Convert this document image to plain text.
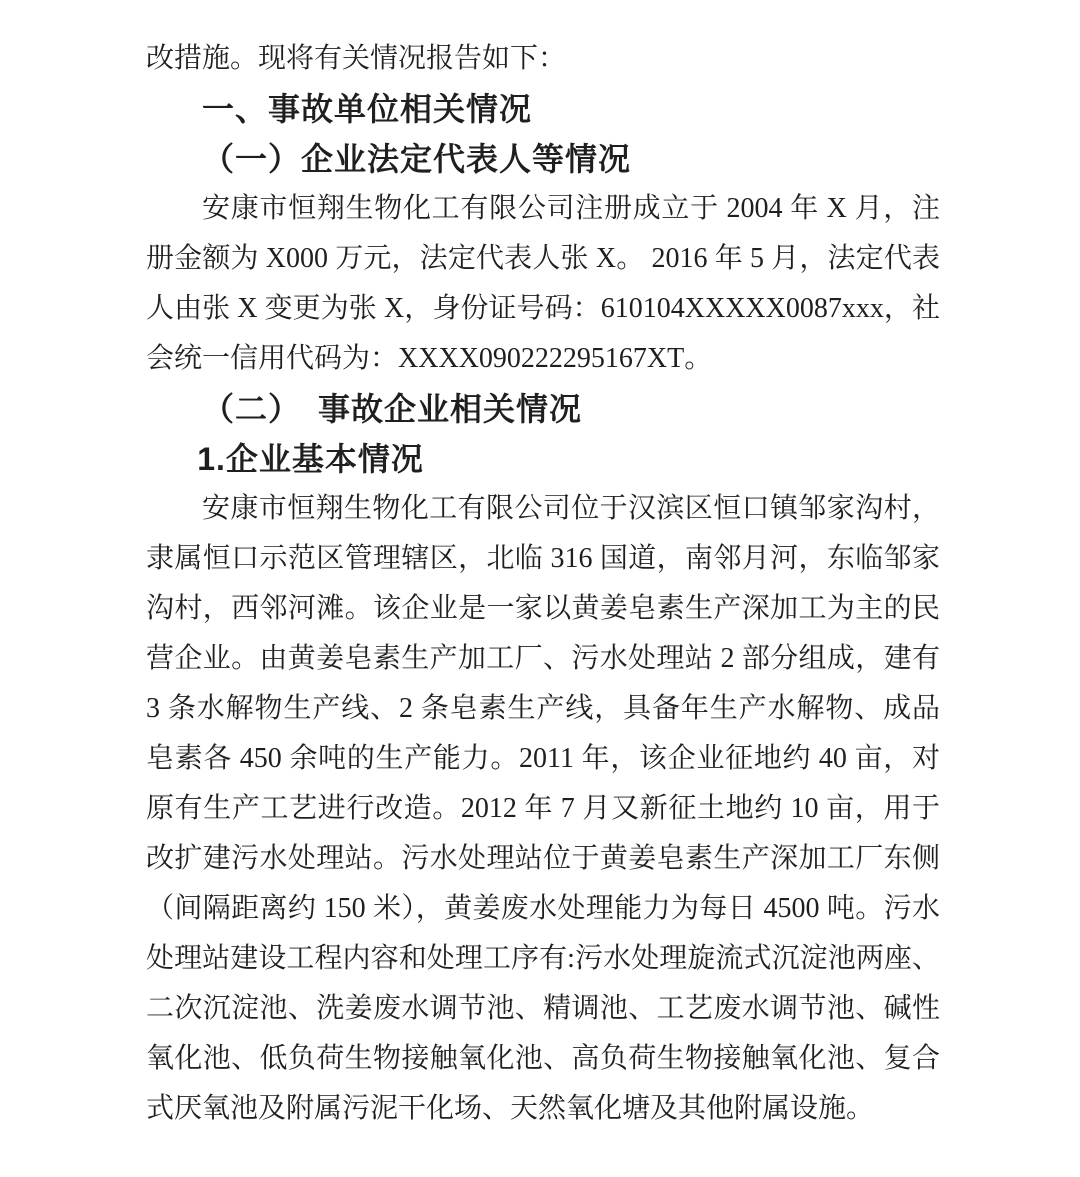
改措施。现将有关情况报告如下：

一、事故单位相关情况
（一）企业法定代表人等情况

安康市恒翔生物化工有限公司注册成立于 2004 年 X 月，注册金额为 X000 万元，法定代表人张 X。 2016 年 5 月，法定代表人由张 X 变更为张 X，身份证号码：610104XXXXX0087xxx，社会统一信用代码为：XXXX090222295167XT。

（二）　事故企业相关情况
1.企业基本情况

安康市恒翔生物化工有限公司位于汉滨区恒口镇邹家沟村，隶属恒口示范区管理辖区，北临 316 国道，南邻月河，东临邹家沟村，西邻河滩。该企业是一家以黄姜皂素生产深加工为主的民营企业。由黄姜皂素生产加工厂、污水处理站 2 部分组成，建有 3 条水解物生产线、2 条皂素生产线，具备年生产水解物、成品皂素各 450 余吨的生产能力。2011 年，该企业征地约 40 亩，对原有生产工艺进行改造。2012 年 7 月又新征土地约 10 亩，用于改扩建污水处理站。污水处理站位于黄姜皂素生产深加工厂东侧（间隔距离约 150 米），黄姜废水处理能力为每日 4500 吨。污水处理站建设工程内容和处理工序有:污水处理旋流式沉淀池两座、二次沉淀池、洗姜废水调节池、精调池、工艺废水调节池、碱性氧化池、低负荷生物接触氧化池、高负荷生物接触氧化池、复合式厌氧池及附属污泥干化场、天然氧化塘及其他附属设施。
